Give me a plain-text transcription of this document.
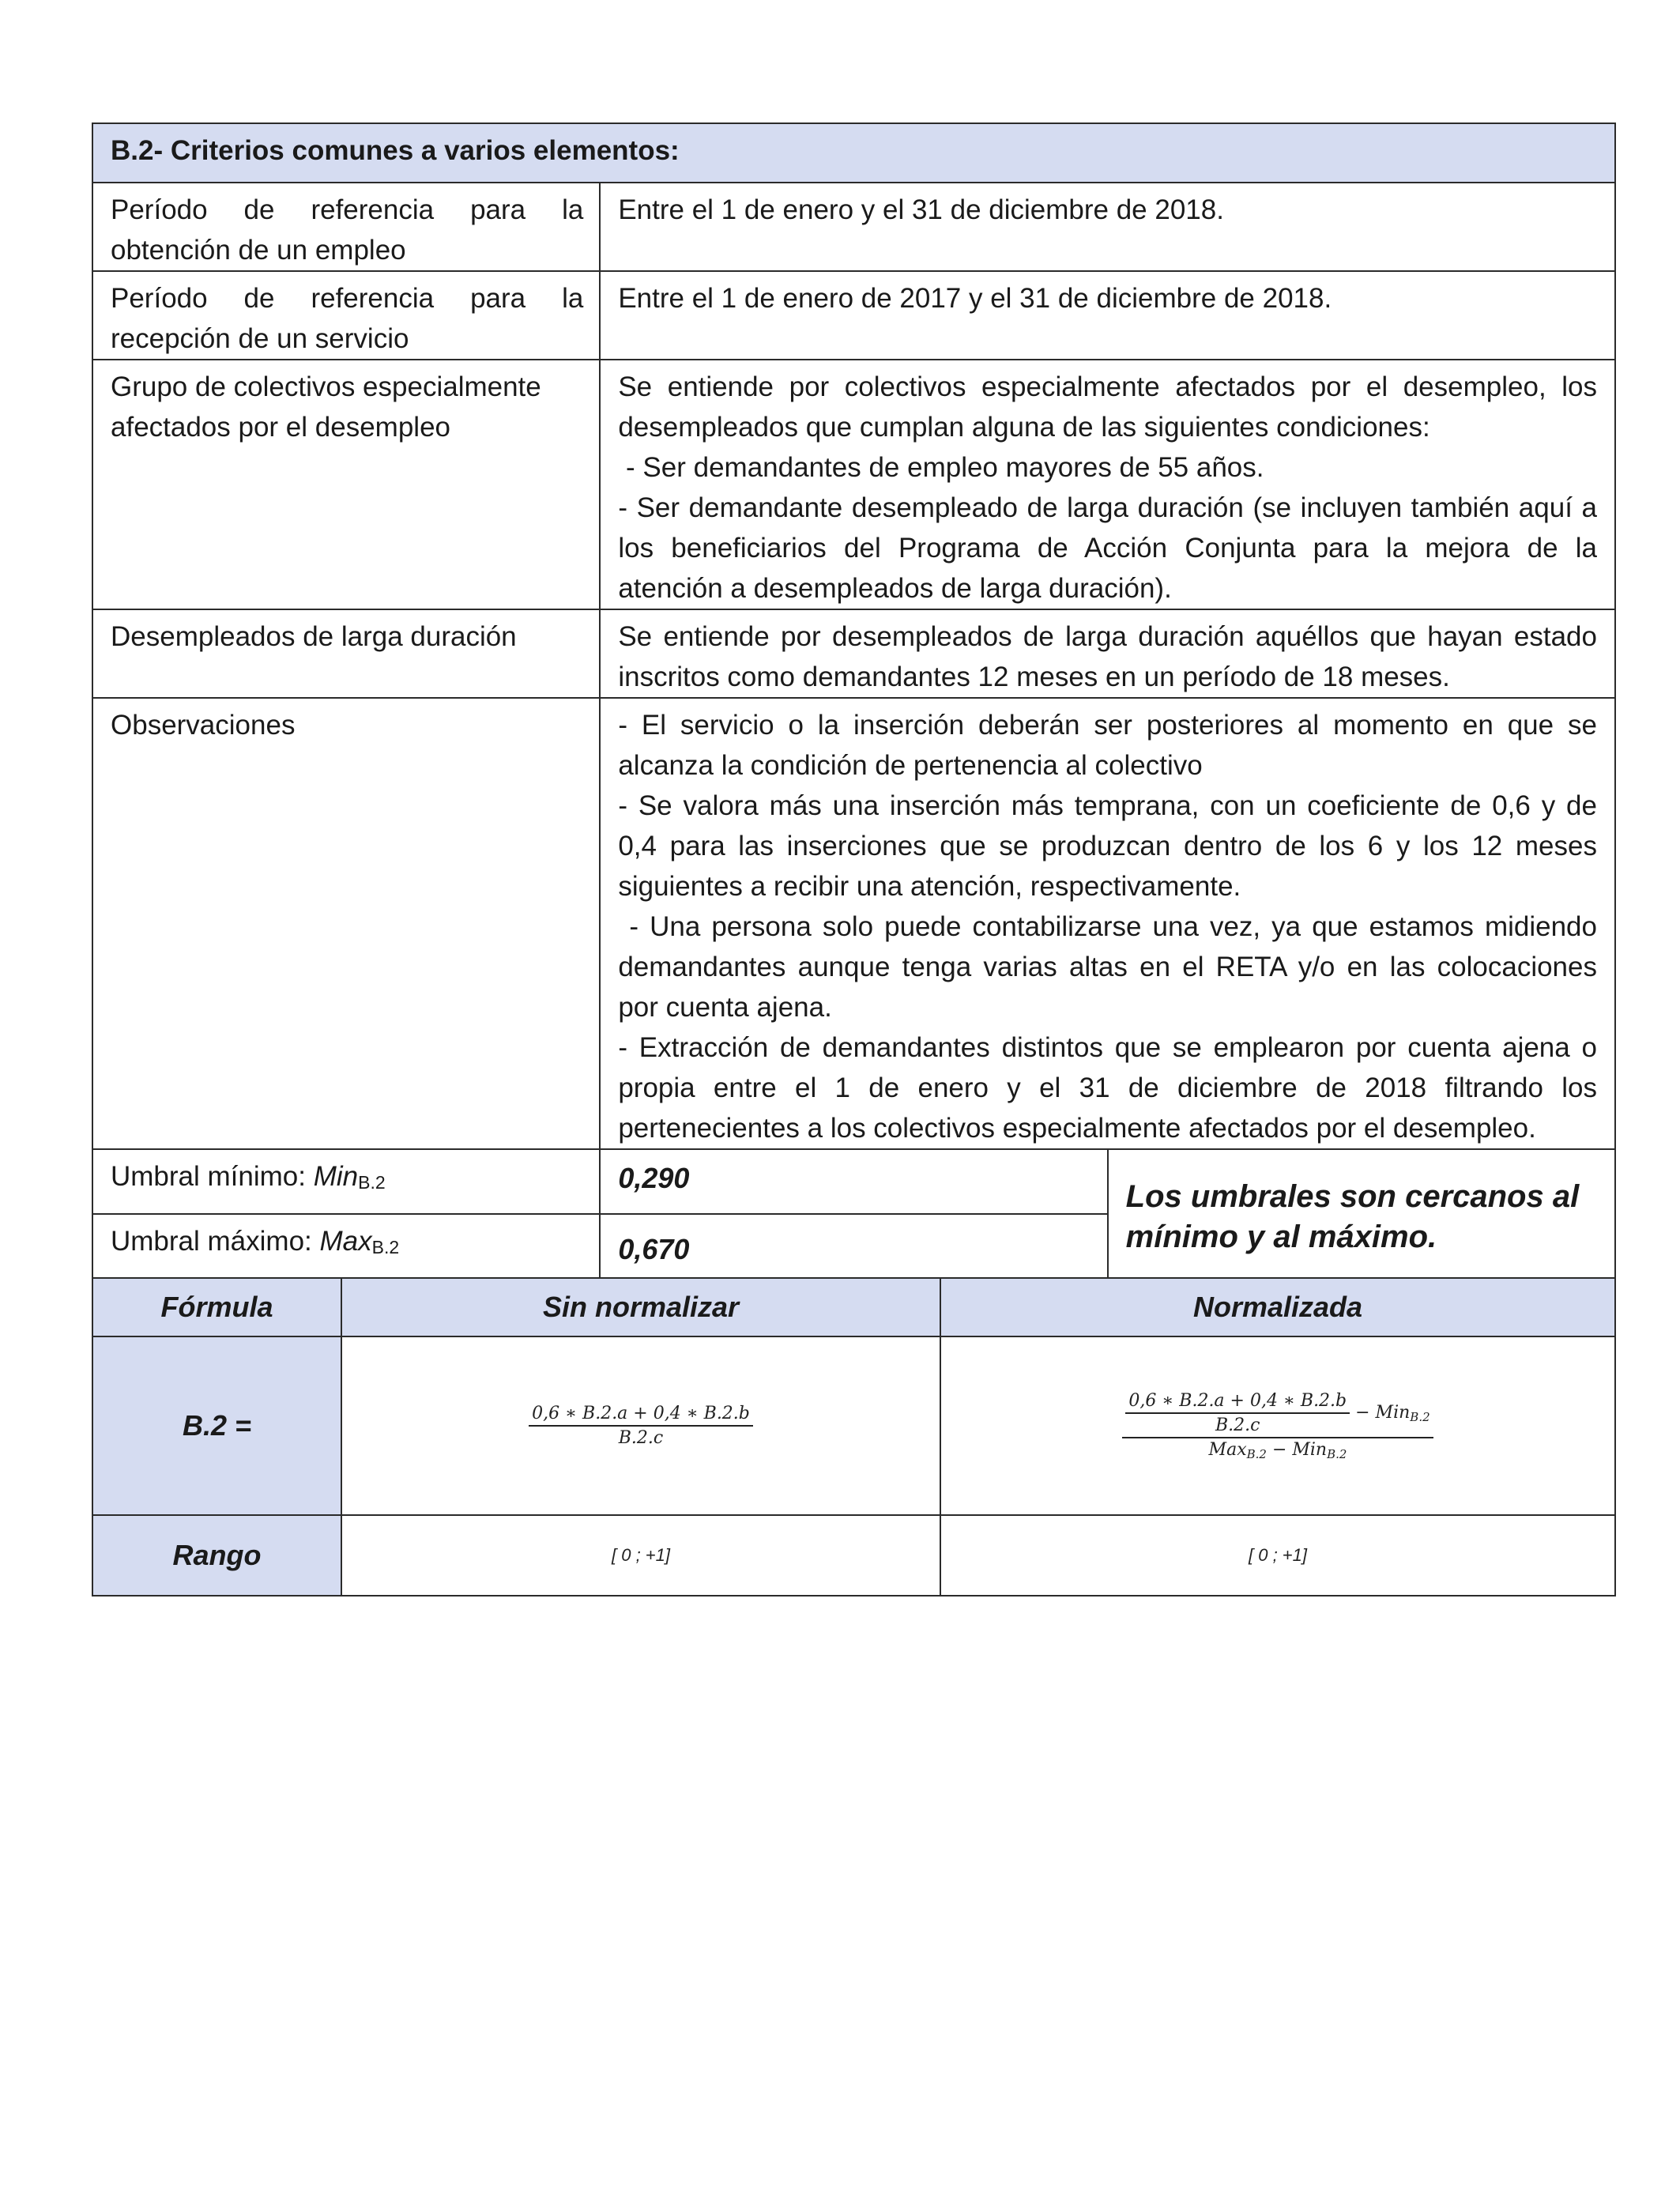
B.2- Criterios comunes a varios elementos:		
Período de referencia para la obtención de un empleo	Entre el 1 de enero y el 31 de diciembre de 2018.	

Período de referencia para la recepción de un servicio	Entre el 1 de enero de 2017 y el 31 de diciembre de 2018.	

Grupo de colectivos especialmente afectados por el desempleo	Se entiende por colectivos especialmente afectados por el desempleo, los desempleados que cumplan alguna de las siguientes condiciones:

- Ser demandantes de empleo mayores de 55 años.

- Ser demandante desempleado de larga duración (se incluyen también aquí a los beneficiarios del Programa de Acción Conjunta para la mejora de la atención a desempleados de larga duración).	

Desempleados de larga duración	Se entiende por desempleados de larga duración aquéllos que hayan estado inscritos como demandantes 12 meses en un período de 18 meses.	

Observaciones	- El servicio o la inserción deberán ser posteriores al momento en que se alcanza la condición de pertenencia al colectivo

- Se valora más una inserción más temprana, con un coeficiente de 0,6 y de 0,4 para las inserciones que se produzcan dentro de los 6 y los 12 meses siguientes a recibir una atención, respectivamente.

- Una persona solo puede contabilizarse una vez, ya que estamos midiendo demandantes aunque tenga varias altas en el RETA y/o en las colocaciones por cuenta ajena.

- Extracción de demandantes distintos que se emplearon por cuenta ajena o propia entre el 1 de enero y el 31 de diciembre de 2018 filtrando los pertenecientes a los colectivos especialmente afectados por el desempleo.	

Umbral mínimo: MinB.2	0,290	Los umbrales son cercanos al mínimo y al máximo.
Umbral máximo: MaxB.2	0,670	
Fórmula	Sin normalizar	Normalizada
B.2 =	$\frac{0,6 ∗ B.2.a + 0,4 ∗ B.2.b}{B.2.c}$	$\frac{0,6 ∗ B.2.a + 0,4 ∗ B.2.b}{B.2.c}$ − MinB.2
MaxB.2 − MinB.2

Rango	[ 0 ; +1]	[ 0 ; +1]
